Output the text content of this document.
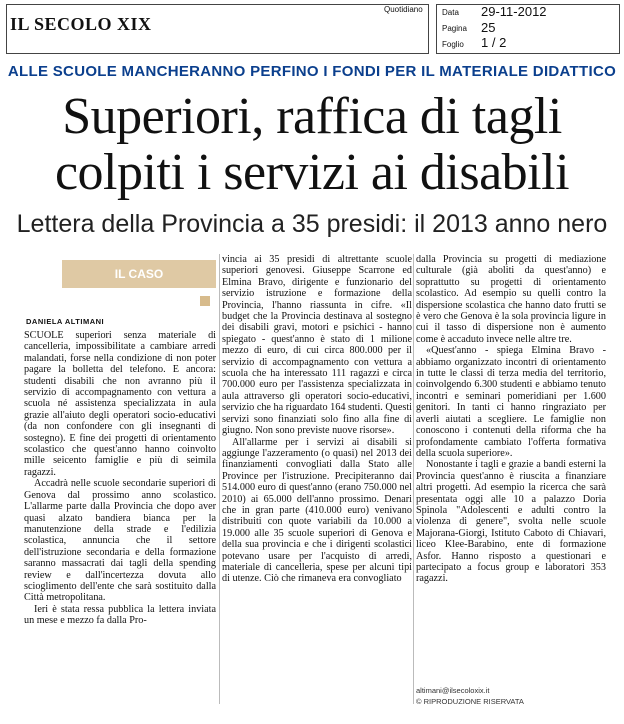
IL SECOLO XIX
Quotidiano Data 29-11-2012
Pagina 25
Foglio 1 / 2
ALLE SCUOLE MANCHERANNO PERFINO I FONDI PER IL MATERIALE DIDATTICO
Superiori, raffica di tagli
colpiti i servizi ai disabili
Lettera della Provincia a 35 presidi: il 2013 anno nero
IL CASO
DANIELA ALTIMANI

SCUOLE superiori senza materiale di cancelleria, impossibilitate a cambiare arredi malandati, forse nella condizione di non poter pagare la bolletta del telefono. E ancora: studenti disabili che non avranno più il servizio di accompagnamento con vettura a scuola né assistenza specializzata in aula grazie all'aiuto degli operatori socio-educativi (da non confondere con gli insegnanti di sostegno). E fine dei progetti di orientamento scolastico che quest'anno hanno coinvolto mille seicento famiglie e più di seimila ragazzi.

Accadrà nelle scuole secondarie superiori di Genova dal prossimo anno scolastico. L'allarme parte dalla Provincia che dopo aver quasi alzato bandiera bianca per la manutenzione della strade e l'edilizia scolastica, annuncia che il settore dell'istruzione secondaria e della formazione saranno massacrati dai tagli della spending review e dall'incertezza dovuta allo scioglimento dell'ente che sarà sostituito dalla Città metropolitana.

Ieri è stata ressa pubblica la lettera inviata un mese e mezzo fa dalla Pro-

vincia ai 35 presidi di altrettante scuole superiori genovesi. Giuseppe Scarrone ed Elmina Bravo, dirigente e funzionario del servizio istruzione e formazione della Provincia, l'hanno riassunta in cifre. «Il budget che la Provincia destinava al sostegno dei disabili gravi, motori e psichici - hanno spiegato - quest'anno è stato di 1 milione mezzo di euro, di cui circa 800.000 per il servizio di accompagnamento con vettura a scuola che ha interessato 111 ragazzi e circa 700.000 euro per l'assistenza specializzata in aula attraverso gli operatori socio-educativi, servizio che ha riguardato 164 studenti. Questi servizi sono finanziati solo fino alla fine di giugno. Non sono previste nuove risorse».

All'allarme per i servizi ai disabili si aggiunge l'azzeramento (o quasi) nel 2013 dei finanziamenti convogliati dalla Stato alle Province per l'istruzione. Precipiteranno dai 514.000 euro di quest'anno (erano 750.000 nel 2010) ai 65.000 dell'anno prossimo. Denari che in gran parte (410.000 euro) venivano distribuiti con quote variabili da 10.000 a 19.000 alle 35 scuole superiori di Genova e della sua provincia e che i dirigenti scolastici potevano usare per l'acquisto di arredi, materiale di cancelleria, spese per alcuni tipi di utenze. Ciò che rimaneva era convogliato

dalla Provincia su progetti di mediazione culturale (già aboliti da quest'anno) e soprattutto su progetti di orientamento scolastico. Ad esempio su quelli contro la dispersione scolastica che hanno dato frutti se è vero che Genova è la sola provincia ligure in cui il tasso di dispersione non è aumento come è accaduto invece nelle altre tre.

«Quest'anno - spiega Elmina Bravo - abbiamo organizzato incontri di orientamento in tutte le classi di terza media del territorio, coinvolgendo 6.300 studenti e abbiamo tenuto incontri e seminari pomeridiani per 1.600 genitori. In tanti ci hanno ringraziato per averli aiutati a scegliere. Le famiglie non conoscono i contenuti della riforma che ha profondamente cambiato l'offerta formativa della scuola superiore».

Nonostante i tagli e grazie a bandi esterni la Provincia quest'anno è riuscita a finanziare altri progetti. Ad esempio la ricerca che sarà presentata oggi alle 10 a palazzo Doria Spinola "Adolescenti e adulti contro la violenza di genere", svolta nelle scuole Majorana-Giorgi, Istituto Caboto di Chiavari, liceo Klee-Barabino, ente di formazione Asfor. Hanno risposto a questionari e partecipato a focus group e laboratori 353 ragazzi.

altimani@ilsecoloxix.it
© RIPRODUZIONE RISERVATA
